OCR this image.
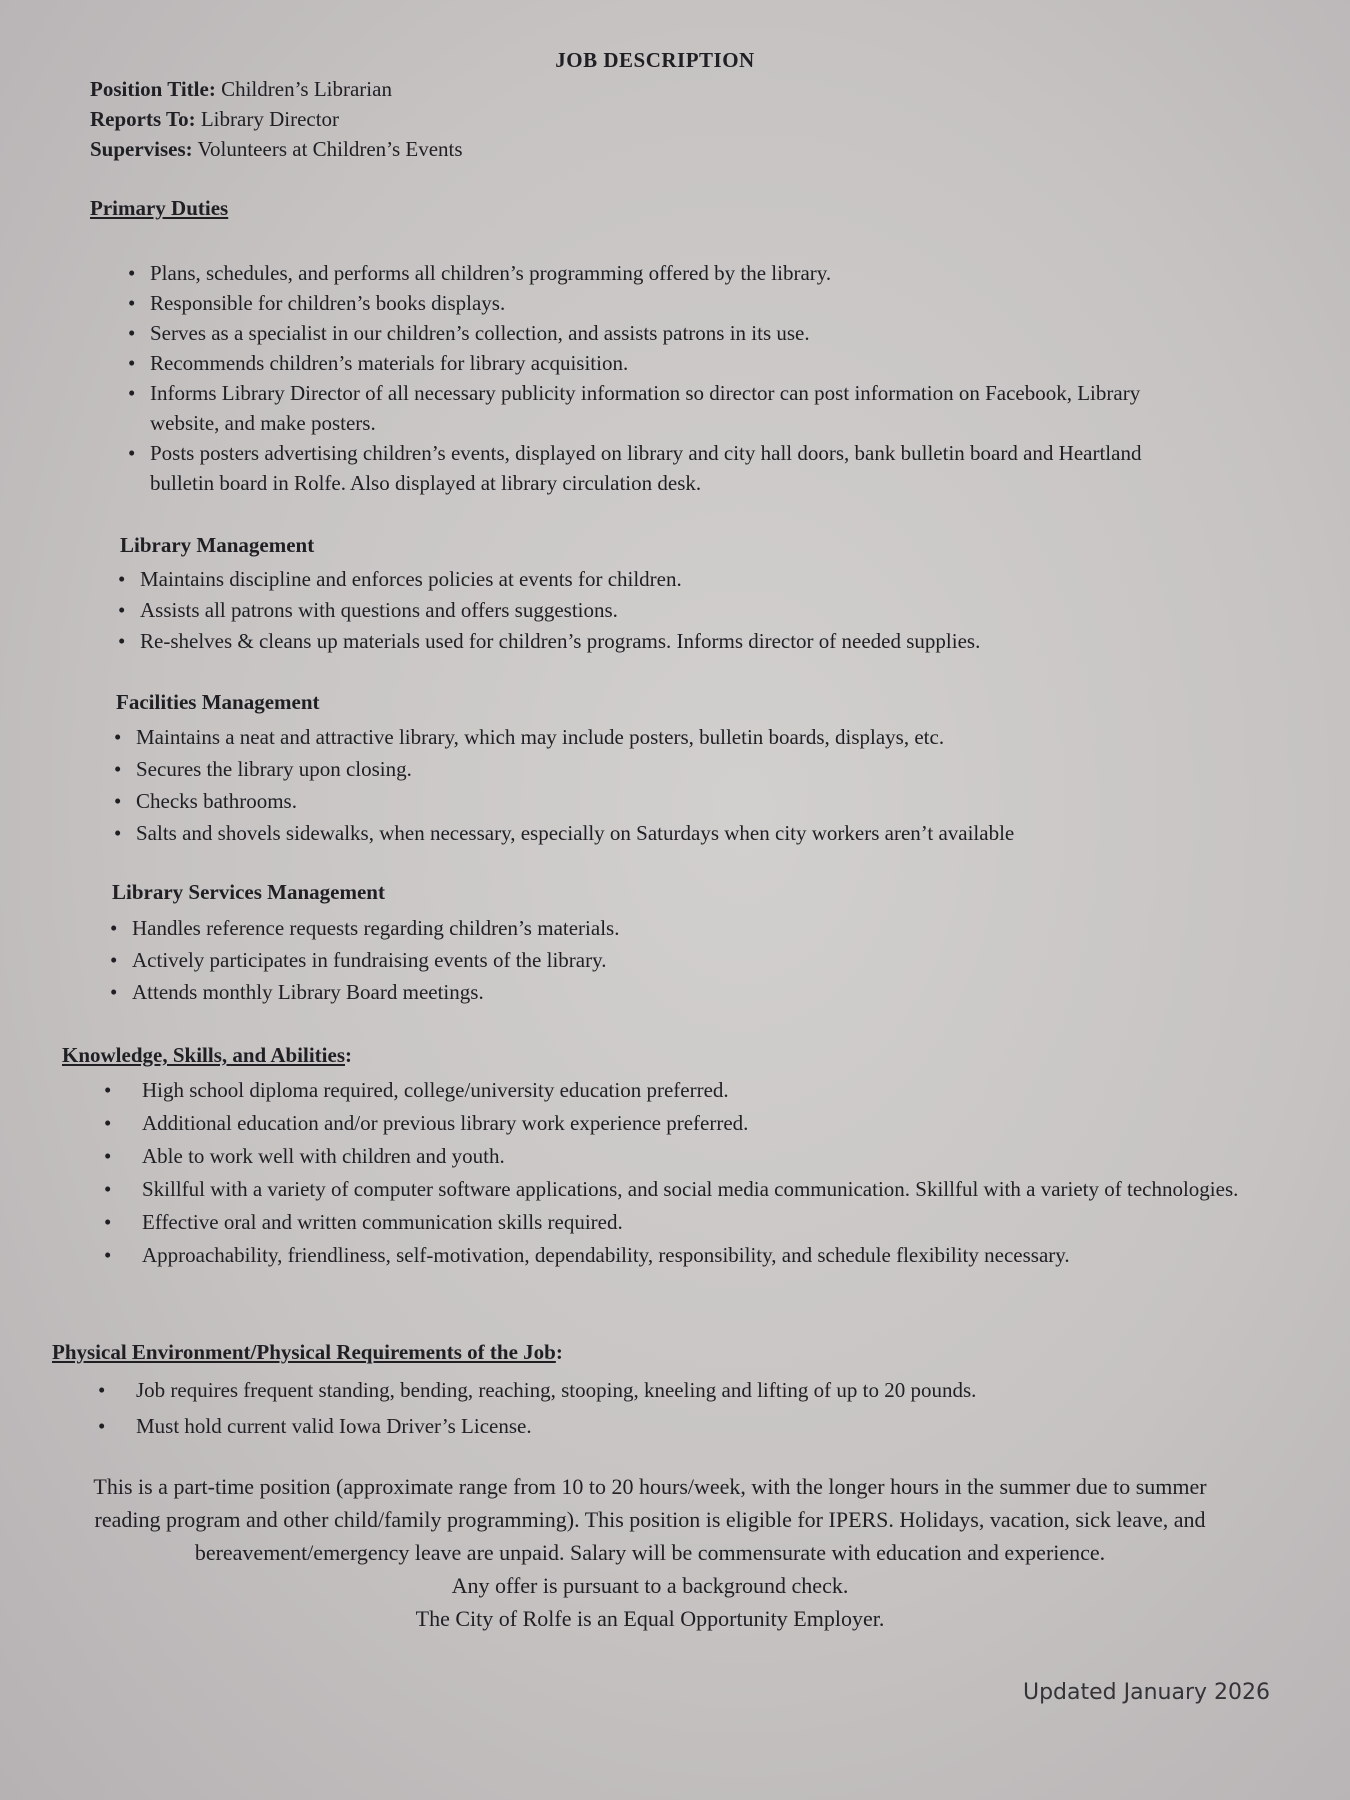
JOB DESCRIPTION
Position Title: Children’s Librarian
Reports To: Library Director
Supervises: Volunteers at Children’s Events
Primary Duties
• Plans, schedules, and performs all children’s programming offered by the library.
• Responsible for children’s books displays.
• Serves as a specialist in our children’s collection, and assists patrons in its use.
• Recommends children’s materials for library acquisition.
• Informs Library Director of all necessary publicity information so director can post information on Facebook, Library website, and make posters.
• Posts posters advertising children’s events, displayed on library and city hall doors, bank bulletin board and Heartland bulletin board in Rolfe. Also displayed at library circulation desk.
Library Management
• Maintains discipline and enforces policies at events for children.
• Assists all patrons with questions and offers suggestions.
• Re-shelves & cleans up materials used for children’s programs. Informs director of needed supplies.
Facilities Management
• Maintains a neat and attractive library, which may include posters, bulletin boards, displays, etc.
• Secures the library upon closing.
• Checks bathrooms.
• Salts and shovels sidewalks, when necessary, especially on Saturdays when city workers aren’t available
Library Services Management
• Handles reference requests regarding children’s materials.
• Actively participates in fundraising events of the library.
• Attends monthly Library Board meetings.
Knowledge, Skills, and Abilities:
• High school diploma required, college/university education preferred.
• Additional education and/or previous library work experience preferred.
• Able to work well with children and youth.
• Skillful with a variety of computer software applications, and social media communication. Skillful with a variety of technologies.
• Effective oral and written communication skills required.
• Approachability, friendliness, self-motivation, dependability, responsibility, and schedule flexibility necessary.
Physical Environment/Physical Requirements of the Job:
• Job requires frequent standing, bending, reaching, stooping, kneeling and lifting of up to 20 pounds.
• Must hold current valid Iowa Driver’s License.
This is a part-time position (approximate range from 10 to 20 hours/week, with the longer hours in the summer due to summer reading program and other child/family programming). This position is eligible for IPERS. Holidays, vacation, sick leave, and bereavement/emergency leave are unpaid. Salary will be commensurate with education and experience.
Any offer is pursuant to a background check.
The City of Rolfe is an Equal Opportunity Employer.
Updated January 2026
